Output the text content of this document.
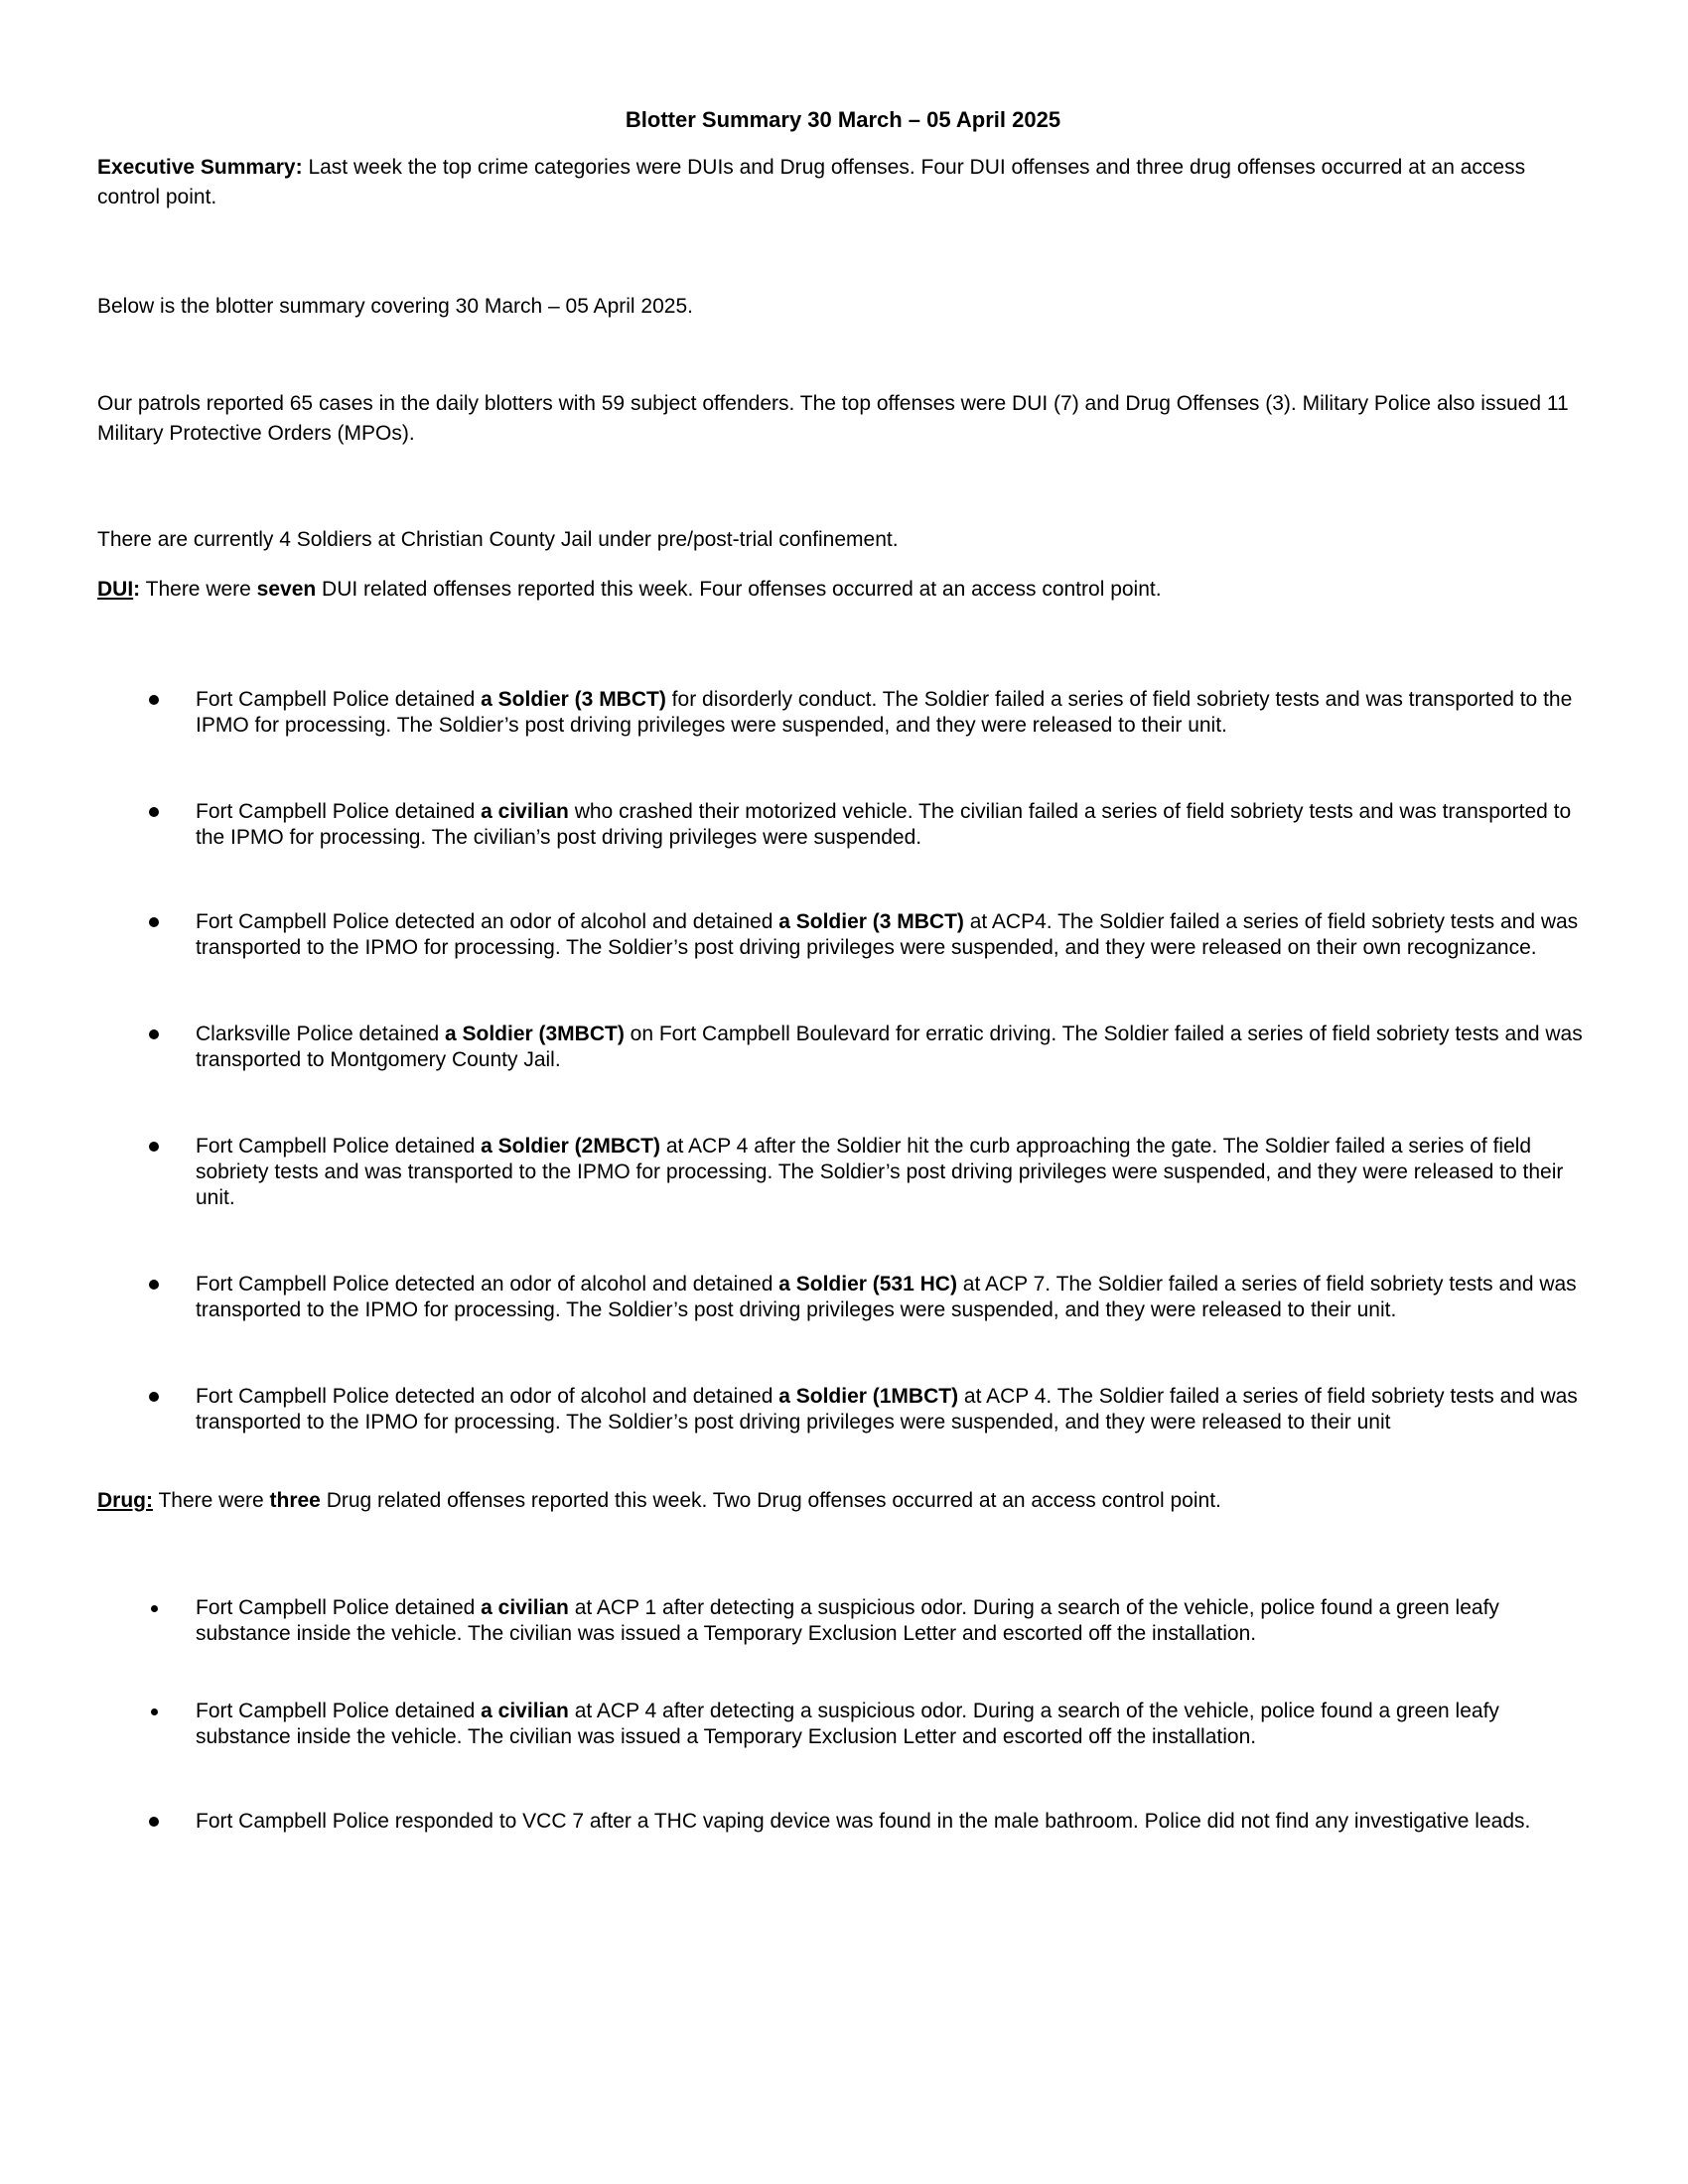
Blotter Summary 30 March – 05 April 2025

Executive Summary: Last week the top crime categories were DUIs and Drug offenses. Four DUI offenses and three drug offenses occurred at an access control point.

Below is the blotter summary covering 30 March – 05 April 2025.

Our patrols reported 65 cases in the daily blotters with 59 subject offenders. The top offenses were DUI (7) and Drug Offenses (3). Military Police also issued 11 Military Protective Orders (MPOs).

There are currently 4 Soldiers at Christian County Jail under pre/post-trial confinement.

DUI: There were seven DUI related offenses reported this week. Four offenses occurred at an access control point.

Fort Campbell Police detained a Soldier (3 MBCT) for disorderly conduct. The Soldier failed a series of field sobriety tests and was transported to the IPMO for processing. The Soldier’s post driving privileges were suspended, and they were released to their unit.
Fort Campbell Police detained a civilian who crashed their motorized vehicle. The civilian failed a series of field sobriety tests and was transported to the IPMO for processing. The civilian’s post driving privileges were suspended.
Fort Campbell Police detected an odor of alcohol and detained a Soldier (3 MBCT) at ACP4. The Soldier failed a series of field sobriety tests and was transported to the IPMO for processing. The Soldier’s post driving privileges were suspended, and they were released on their own recognizance.
Clarksville Police detained a Soldier (3MBCT) on Fort Campbell Boulevard for erratic driving. The Soldier failed a series of field sobriety tests and was transported to Montgomery County Jail.
Fort Campbell Police detained a Soldier (2MBCT) at ACP 4 after the Soldier hit the curb approaching the gate. The Soldier failed a series of field sobriety tests and was transported to the IPMO for processing. The Soldier’s post driving privileges were suspended, and they were released to their unit.
Fort Campbell Police detected an odor of alcohol and detained a Soldier (531 HC) at ACP 7. The Soldier failed a series of field sobriety tests and was transported to the IPMO for processing. The Soldier’s post driving privileges were suspended, and they were released to their unit.
Fort Campbell Police detected an odor of alcohol and detained a Soldier (1MBCT) at ACP 4. The Soldier failed a series of field sobriety tests and was transported to the IPMO for processing. The Soldier’s post driving privileges were suspended, and they were released to their unit

Drug: There were three Drug related offenses reported this week. Two Drug offenses occurred at an access control point.

Fort Campbell Police detained a civilian at ACP 1 after detecting a suspicious odor. During a search of the vehicle, police found a green leafy substance inside the vehicle. The civilian was issued a Temporary Exclusion Letter and escorted off the installation.
Fort Campbell Police detained a civilian at ACP 4 after detecting a suspicious odor. During a search of the vehicle, police found a green leafy substance inside the vehicle. The civilian was issued a Temporary Exclusion Letter and escorted off the installation.
Fort Campbell Police responded to VCC 7 after a THC vaping device was found in the male bathroom. Police did not find any investigative leads.
